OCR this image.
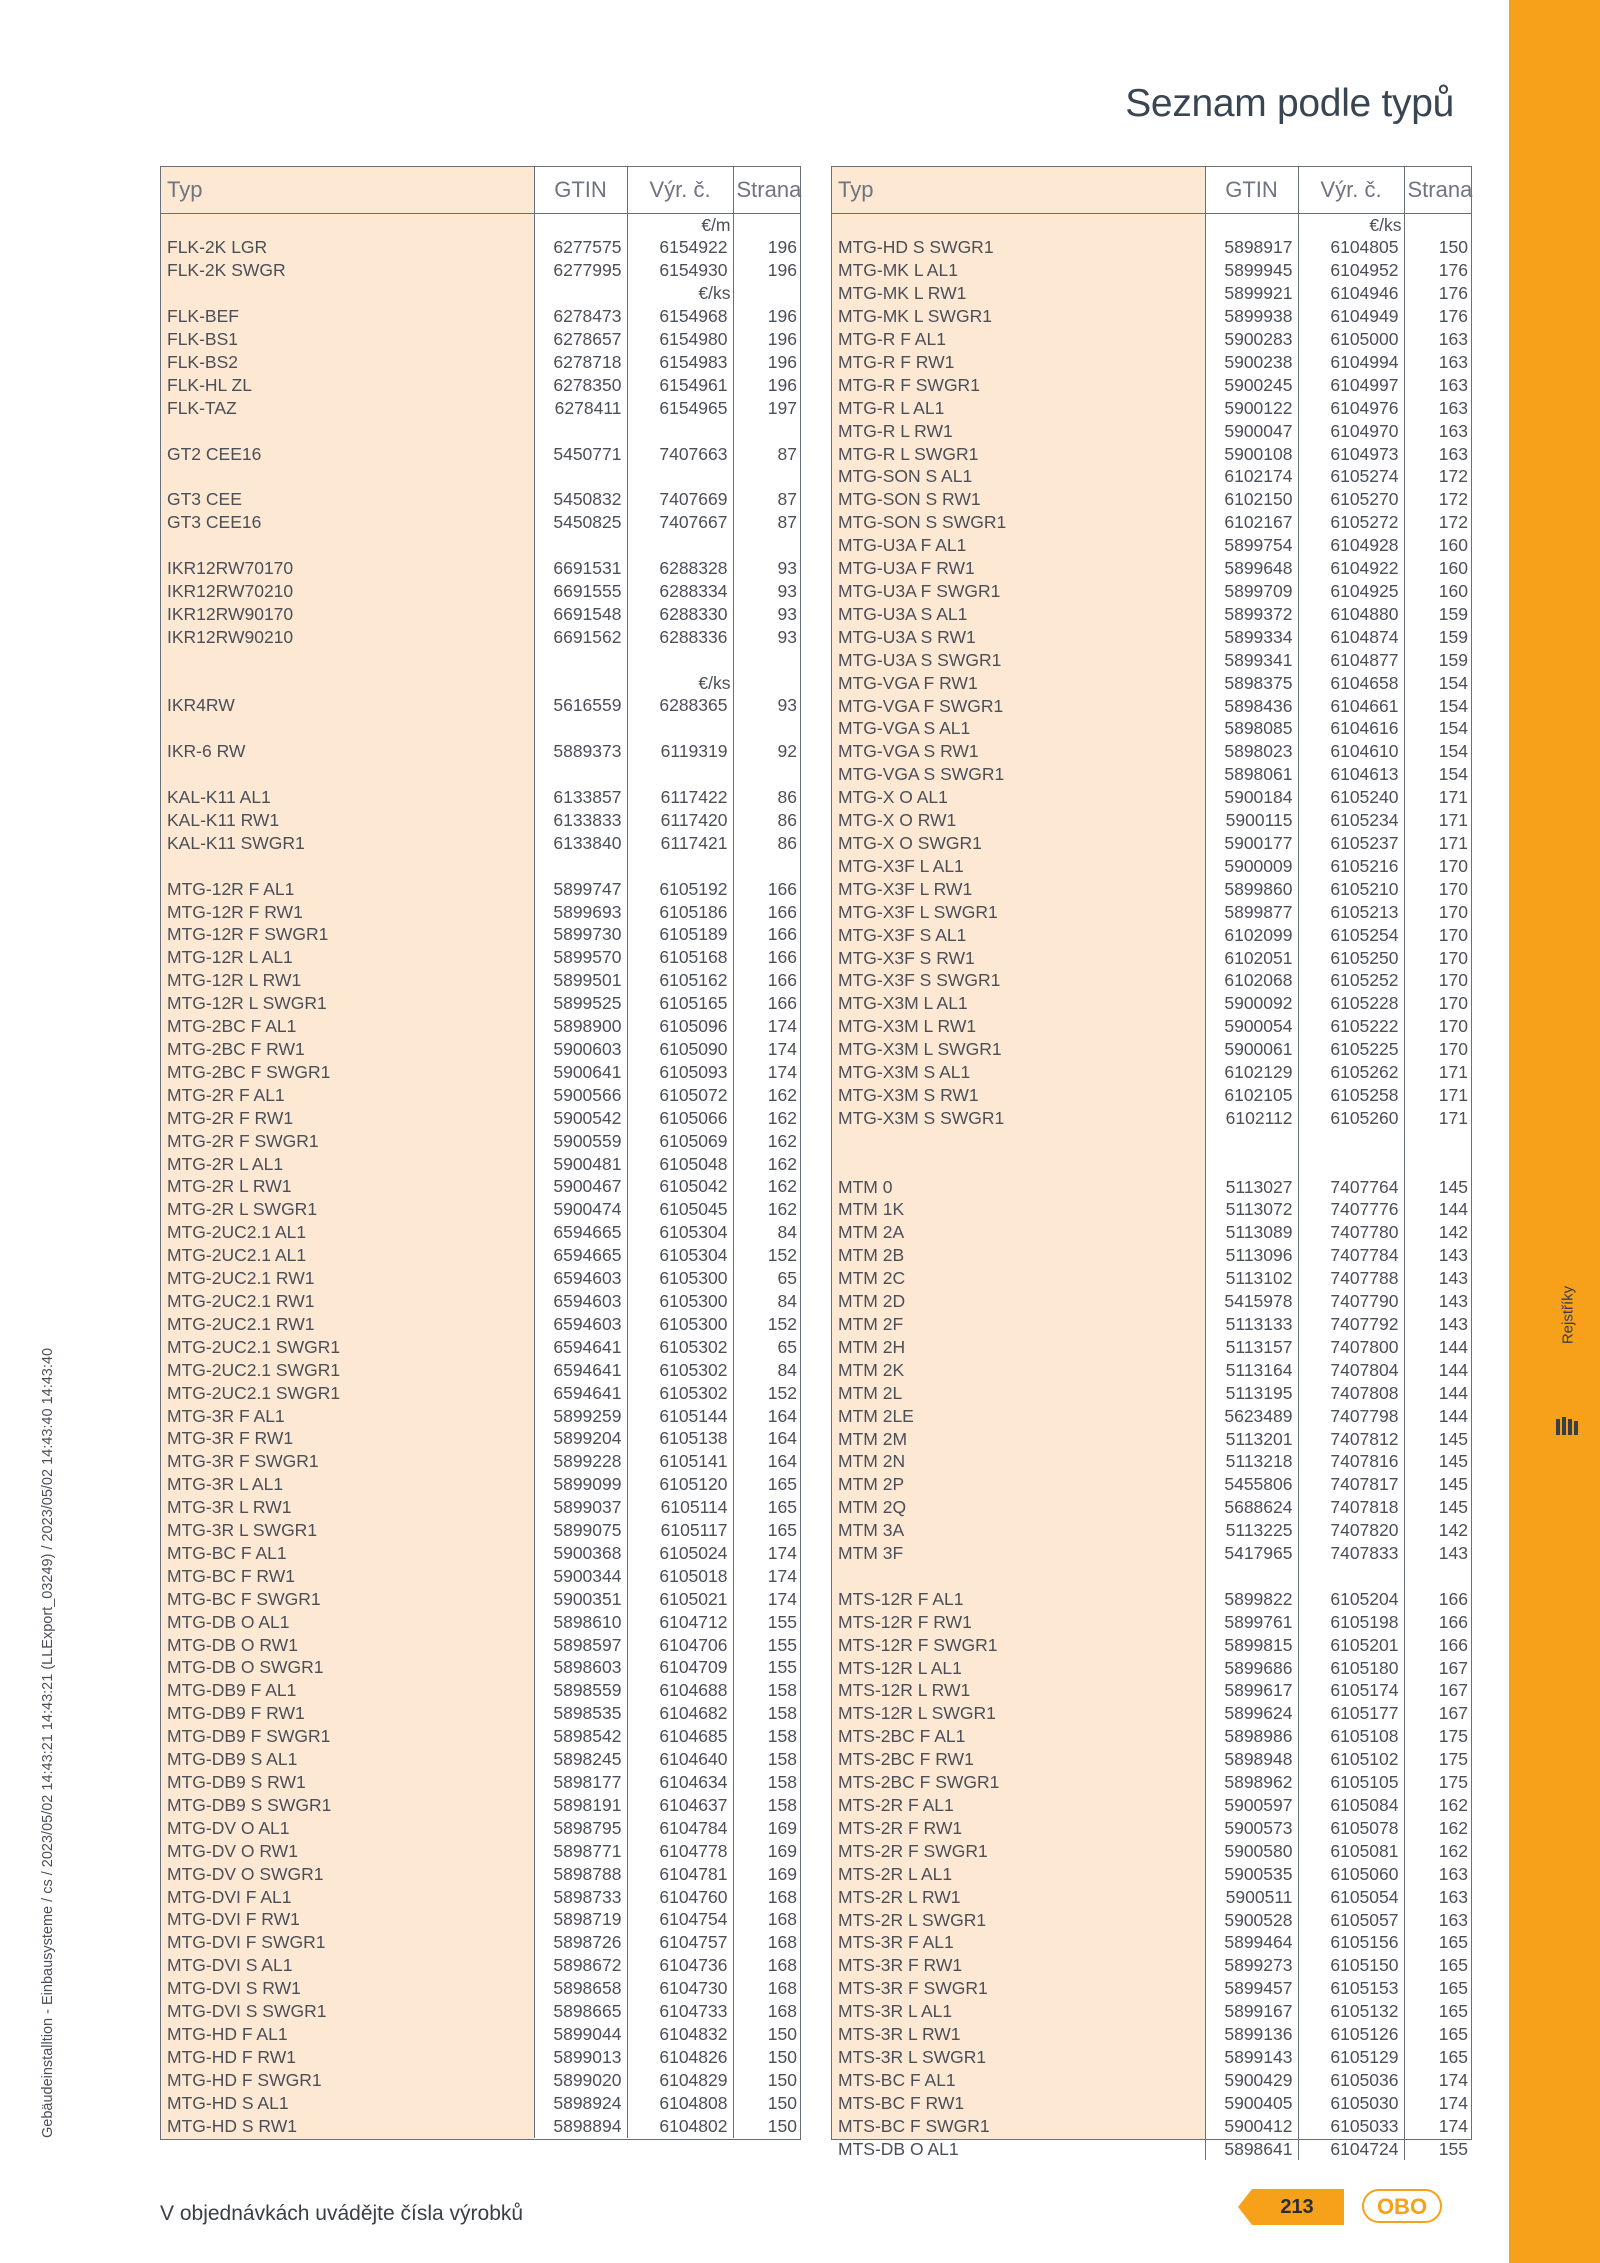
Rejstříky
Seznam podle typů
Gebäudeinstalltion - Einbausysteme / cs / 2023/05/02 14:43:21 14:43:21 (LLExport_03249) / 2023/05/02 14:43:40 14:43:40
Typ	GTIN	Výr. č.	Strana
		€/m	
FLK-2K LGR	6277575	6154922	196
FLK-2K SWGR	6277995	6154930	196
		€/ks	
FLK-BEF	6278473	6154968	196
FLK-BS1	6278657	6154980	196
FLK-BS2	6278718	6154983	196
FLK-HL ZL	6278350	6154961	196
FLK-TAZ	6278411	6154965	197

GT2 CEE16	5450771	7407663	87

GT3 CEE	5450832	7407669	87
GT3 CEE16	5450825	7407667	87

IKR12RW70170	6691531	6288328	93
IKR12RW70210	6691555	6288334	93
IKR12RW90170	6691548	6288330	93
IKR12RW90210	6691562	6288336	93

		€/ks	
IKR4RW	5616559	6288365	93

IKR-6 RW	5889373	6119319	92

KAL-K11 AL1	6133857	6117422	86
KAL-K11 RW1	6133833	6117420	86
KAL-K11 SWGR1	6133840	6117421	86

MTG-12R F AL1	5899747	6105192	166
MTG-12R F RW1	5899693	6105186	166
MTG-12R F SWGR1	5899730	6105189	166
MTG-12R L AL1	5899570	6105168	166
MTG-12R L RW1	5899501	6105162	166
MTG-12R L SWGR1	5899525	6105165	166
MTG-2BC F AL1	5898900	6105096	174
MTG-2BC F RW1	5900603	6105090	174
MTG-2BC F SWGR1	5900641	6105093	174
MTG-2R F AL1	5900566	6105072	162
MTG-2R F RW1	5900542	6105066	162
MTG-2R F SWGR1	5900559	6105069	162
MTG-2R L AL1	5900481	6105048	162
MTG-2R L RW1	5900467	6105042	162
MTG-2R L SWGR1	5900474	6105045	162
MTG-2UC2.1 AL1	6594665	6105304	84
MTG-2UC2.1 AL1	6594665	6105304	152
MTG-2UC2.1 RW1	6594603	6105300	65
MTG-2UC2.1 RW1	6594603	6105300	84
MTG-2UC2.1 RW1	6594603	6105300	152
MTG-2UC2.1 SWGR1	6594641	6105302	65
MTG-2UC2.1 SWGR1	6594641	6105302	84
MTG-2UC2.1 SWGR1	6594641	6105302	152
MTG-3R F AL1	5899259	6105144	164
MTG-3R F RW1	5899204	6105138	164
MTG-3R F SWGR1	5899228	6105141	164
MTG-3R L AL1	5899099	6105120	165
MTG-3R L RW1	5899037	6105114	165
MTG-3R L SWGR1	5899075	6105117	165
MTG-BC F AL1	5900368	6105024	174
MTG-BC F RW1	5900344	6105018	174
MTG-BC F SWGR1	5900351	6105021	174
MTG-DB O AL1	5898610	6104712	155
MTG-DB O RW1	5898597	6104706	155
MTG-DB O SWGR1	5898603	6104709	155
MTG-DB9 F AL1	5898559	6104688	158
MTG-DB9 F RW1	5898535	6104682	158
MTG-DB9 F SWGR1	5898542	6104685	158
MTG-DB9 S AL1	5898245	6104640	158
MTG-DB9 S RW1	5898177	6104634	158
MTG-DB9 S SWGR1	5898191	6104637	158
MTG-DV O AL1	5898795	6104784	169
MTG-DV O RW1	5898771	6104778	169
MTG-DV O SWGR1	5898788	6104781	169
MTG-DVI F AL1	5898733	6104760	168
MTG-DVI F RW1	5898719	6104754	168
MTG-DVI F SWGR1	5898726	6104757	168
MTG-DVI S AL1	5898672	6104736	168
MTG-DVI S RW1	5898658	6104730	168
MTG-DVI S SWGR1	5898665	6104733	168
MTG-HD F AL1	5899044	6104832	150
MTG-HD F RW1	5899013	6104826	150
MTG-HD F SWGR1	5899020	6104829	150
MTG-HD S AL1	5898924	6104808	150
MTG-HD S RW1	5898894	6104802	150
Typ	GTIN	Výr. č.	Strana
		€/ks	
MTG-HD S SWGR1	5898917	6104805	150
MTG-MK L AL1	5899945	6104952	176
MTG-MK L RW1	5899921	6104946	176
MTG-MK L SWGR1	5899938	6104949	176
MTG-R F AL1	5900283	6105000	163
MTG-R F RW1	5900238	6104994	163
MTG-R F SWGR1	5900245	6104997	163
MTG-R L AL1	5900122	6104976	163
MTG-R L RW1	5900047	6104970	163
MTG-R L SWGR1	5900108	6104973	163
MTG-SON S AL1	6102174	6105274	172
MTG-SON S RW1	6102150	6105270	172
MTG-SON S SWGR1	6102167	6105272	172
MTG-U3A F AL1	5899754	6104928	160
MTG-U3A F RW1	5899648	6104922	160
MTG-U3A F SWGR1	5899709	6104925	160
MTG-U3A S AL1	5899372	6104880	159
MTG-U3A S RW1	5899334	6104874	159
MTG-U3A S SWGR1	5899341	6104877	159
MTG-VGA F RW1	5898375	6104658	154
MTG-VGA F SWGR1	5898436	6104661	154
MTG-VGA S AL1	5898085	6104616	154
MTG-VGA S RW1	5898023	6104610	154
MTG-VGA S SWGR1	5898061	6104613	154
MTG-X O AL1	5900184	6105240	171
MTG-X O RW1	5900115	6105234	171
MTG-X O SWGR1	5900177	6105237	171
MTG-X3F L AL1	5900009	6105216	170
MTG-X3F L RW1	5899860	6105210	170
MTG-X3F L SWGR1	5899877	6105213	170
MTG-X3F S AL1	6102099	6105254	170
MTG-X3F S RW1	6102051	6105250	170
MTG-X3F S SWGR1	6102068	6105252	170
MTG-X3M L AL1	5900092	6105228	170
MTG-X3M L RW1	5900054	6105222	170
MTG-X3M L SWGR1	5900061	6105225	170
MTG-X3M S AL1	6102129	6105262	171
MTG-X3M S RW1	6102105	6105258	171
MTG-X3M S SWGR1	6102112	6105260	171

MTM 0	5113027	7407764	145
MTM 1K	5113072	7407776	144
MTM 2A	5113089	7407780	142
MTM 2B	5113096	7407784	143
MTM 2C	5113102	7407788	143
MTM 2D	5415978	7407790	143
MTM 2F	5113133	7407792	143
MTM 2H	5113157	7407800	144
MTM 2K	5113164	7407804	144
MTM 2L	5113195	7407808	144
MTM 2LE	5623489	7407798	144
MTM 2M	5113201	7407812	145
MTM 2N	5113218	7407816	145
MTM 2P	5455806	7407817	145
MTM 2Q	5688624	7407818	145
MTM 3A	5113225	7407820	142
MTM 3F	5417965	7407833	143

MTS-12R F AL1	5899822	6105204	166
MTS-12R F RW1	5899761	6105198	166
MTS-12R F SWGR1	5899815	6105201	166
MTS-12R L AL1	5899686	6105180	167
MTS-12R L RW1	5899617	6105174	167
MTS-12R L SWGR1	5899624	6105177	167
MTS-2BC F AL1	5898986	6105108	175
MTS-2BC F RW1	5898948	6105102	175
MTS-2BC F SWGR1	5898962	6105105	175
MTS-2R F AL1	5900597	6105084	162
MTS-2R F RW1	5900573	6105078	162
MTS-2R F SWGR1	5900580	6105081	162
MTS-2R L AL1	5900535	6105060	163
MTS-2R L RW1	5900511	6105054	163
MTS-2R L SWGR1	5900528	6105057	163
MTS-3R F AL1	5899464	6105156	165
MTS-3R F RW1	5899273	6105150	165
MTS-3R F SWGR1	5899457	6105153	165
MTS-3R L AL1	5899167	6105132	165
MTS-3R L RW1	5899136	6105126	165
MTS-3R L SWGR1	5899143	6105129	165
MTS-BC F AL1	5900429	6105036	174
MTS-BC F RW1	5900405	6105030	174
MTS-BC F SWGR1	5900412	6105033	174
MTS-DB O AL1	5898641	6104724	155
V objednávkách uvádějte čísla výrobků	213	OBO
